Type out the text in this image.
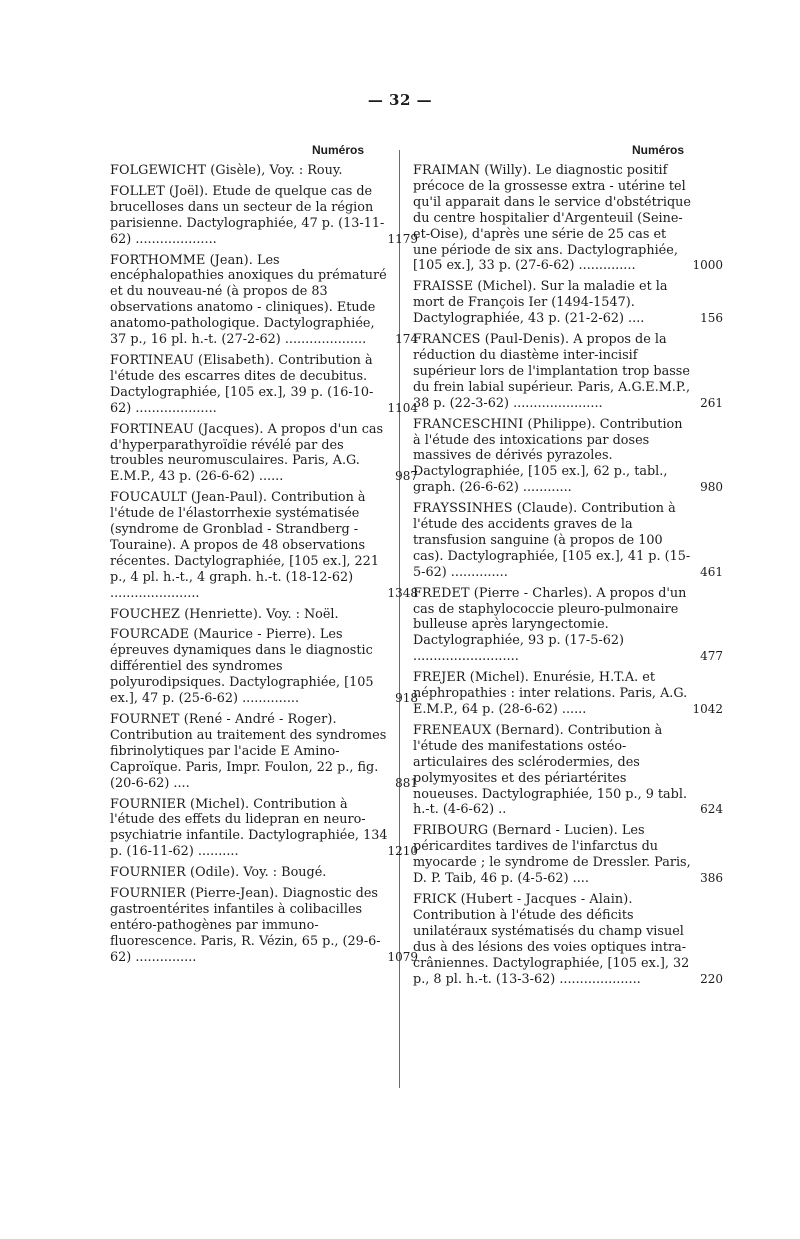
— 32 —
Numéros	Numéros
FOLGEWICHT (Gisèle), Voy. : Rouy.
FOLLET (Joël). Etude de quelque cas de brucelloses dans un secteur de la région parisienne. Dactylographiée, 47 p. (13-11-62) ....................	1179
FORTHOMME (Jean). Les encéphalopathies anoxiques du prématuré et du nouveau-né (à propos de 83 observations anatomo - cliniques). Etude anatomo-pathologique. Dactylographiée, 37 p., 16 pl. h.-t. (27-2-62) ....................	174
FORTINEAU (Elisabeth). Contribution à l'étude des escarres dites de decubitus. Dactylographiée, [105 ex.], 39 p. (16-10-62) ....................	1104
FORTINEAU (Jacques). A propos d'un cas d'hyperparathyroïdie révélé par des troubles neuromusculaires. Paris, A.G. E.M.P., 43 p. (26-6-62) ......	987
FOUCAULT (Jean-Paul). Contribution à l'étude de l'élastorrhexie systématisée (syndrome de Gronblad - Strandberg - Touraine). A propos de 48 observations récentes. Dactylographiée, [105 ex.], 221 p., 4 pl. h.-t., 4 graph. h.-t. (18-12-62) ......................	1348
FOUCHEZ (Henriette). Voy. : Noël.
FOURCADE (Maurice - Pierre). Les épreuves dynamiques dans le diagnostic différentiel des syndromes polyurodipsiques. Dactylographiée, [105 ex.], 47 p. (25-6-62) ..............	918
FOURNET (René - André - Roger). Contribution au traitement des syndromes fibrinolytiques par l'acide E Amino-Caproïque. Paris, Impr. Foulon, 22 p., fig. (20-6-62) ....	881
FOURNIER (Michel). Contribution à l'étude des effets du lidepran en neuro-psychiatrie infantile. Dactylographiée, 134 p. (16-11-62) ..........	1210
FOURNIER (Odile). Voy. : Bougé.
FOURNIER (Pierre-Jean). Diagnostic des gastroentérites infantiles à colibacilles entéro-pathogènes par immuno-fluorescence. Paris, R. Vézin, 65 p., (29-6-62) ...............	1079
FRAIMAN (Willy). Le diagnostic positif précoce de la grossesse extra - utérine tel qu'il apparait dans le service d'obstétrique du centre hospitalier d'Argenteuil (Seine-et-Oise), d'après une série de 25 cas et une période de six ans. Dactylographiée, [105 ex.], 33 p. (27-6-62) ..............	1000
FRAISSE (Michel). Sur la maladie et la mort de François Ier (1494-1547). Dactylographiée, 43 p. (21-2-62) ....	156
FRANCES (Paul-Denis). A propos de la réduction du diastème inter-incisif supérieur lors de l'implantation trop basse du frein labial supérieur. Paris, A.G.E.M.P., 38 p. (22-3-62) ......................	261
FRANCESCHINI (Philippe). Contribution à l'étude des intoxications par doses massives de dérivés pyrazoles. Dactylographiée, [105 ex.], 62 p., tabl., graph. (26-6-62) ............	980
FRAYSSINHES (Claude). Contribution à l'étude des accidents graves de la transfusion sanguine (à propos de 100 cas). Dactylographiée, [105 ex.], 41 p. (15-5-62) ..............	461
FREDET (Pierre - Charles). A propos d'un cas de staphylococcie pleuro-pulmonaire bulleuse après laryngectomie. Dactylographiée, 93 p. (17-5-62) ..........................	477
FREJER (Michel). Enurésie, H.T.A. et néphropathies : inter relations. Paris, A.G. E.M.P., 64 p. (28-6-62) ......	1042
FRENEAUX (Bernard). Contribution à l'étude des manifestations ostéo-articulaires des sclérodermies, des polymyosites et des périartérites noueuses. Dactylographiée, 150 p., 9 tabl. h.-t. (4-6-62) ..	624
FRIBOURG (Bernard - Lucien). Les péricardites tardives de l'infarctus du myocarde ; le syndrome de Dressler. Paris, D. P. Taib, 46 p. (4-5-62) ....	386
FRICK (Hubert - Jacques - Alain). Contribution à l'étude des déficits unilatéraux systématisés du champ visuel dus à des lésions des voies optiques intra-crâniennes. Dactylographiée, [105 ex.], 32 p., 8 pl. h.-t. (13-3-62) ....................	220
